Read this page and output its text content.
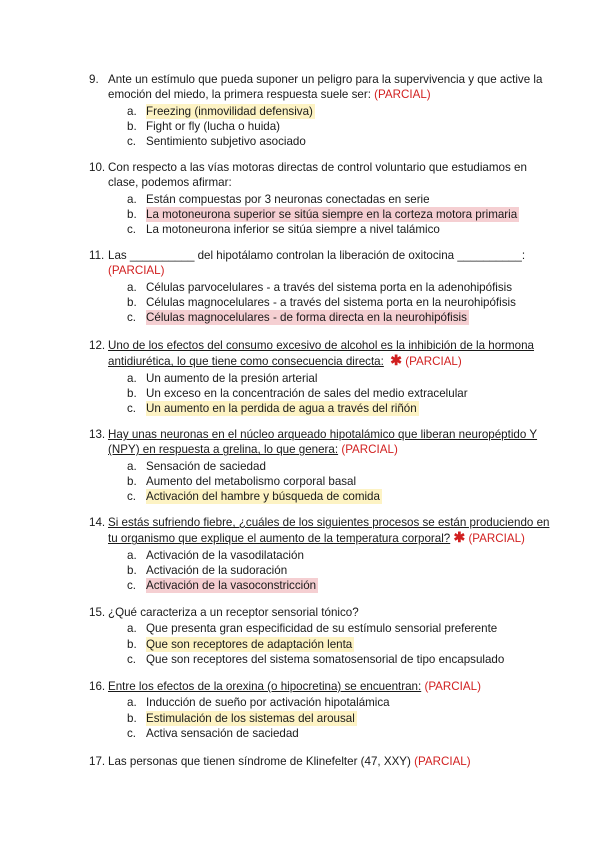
9. Ante un estímulo que pueda suponer un peligro para la supervivencia y que active la emoción del miedo, la primera respuesta suele ser: (PARCIAL)
a. Freezing (inmovilidad defensiva)
b. Fight or fly (lucha o huida)
c. Sentimiento subjetivo asociado
10. Con respecto a las vías motoras directas de control voluntario que estudiamos en clase, podemos afirmar:
a. Están compuestas por 3 neuronas conectadas en serie
b. La motoneurona superior se sitúa siempre en la corteza motora primaria
c. La motoneurona inferior se sitúa siempre a nivel talámico
11. Las __________ del hipotálamo controlan la liberación de oxitocina __________:
(PARCIAL)
a. Células parvocelulares - a través del sistema porta en la adenohipófisis
b. Células magnocelulares - a través del sistema porta en la neurohipófisis
c. Células magnocelulares - de forma directa en la neurohipófisis
12. Uno de los efectos del consumo excesivo de alcohol es la inhibición de la hormona antidiurética, lo que tiene como consecuencia directa: ✱ (PARCIAL)
a. Un aumento de la presión arterial
b. Un exceso en la concentración de sales del medio extracelular
c. Un aumento en la perdida de agua a través del riñón
13. Hay unas neuronas en el núcleo arqueado hipotalámico que liberan neuropéptido Y (NPY) en respuesta a grelina, lo que genera: (PARCIAL)
a. Sensación de saciedad
b. Aumento del metabolismo corporal basal
c. Activación del hambre y búsqueda de comida
14. Si estás sufriendo fiebre, ¿cuáles de los siguientes procesos se están produciendo en tu organismo que explique el aumento de la temperatura corporal? ✱ (PARCIAL)
a. Activación de la vasodilatación
b. Activación de la sudoración
c. Activación de la vasoconstricción
15. ¿Qué caracteriza a un receptor sensorial tónico?
a. Que presenta gran especificidad de su estímulo sensorial preferente
b. Que son receptores de adaptación lenta
c. Que son receptores del sistema somatosensorial de tipo encapsulado
16. Entre los efectos de la orexina (o hipocretina) se encuentran: (PARCIAL)
a. Inducción de sueño por activación hipotalámica
b. Estimulación de los sistemas del arousal
c. Activa sensación de saciedad
17. Las personas que tienen síndrome de Klinefelter (47, XXY) (PARCIAL)
